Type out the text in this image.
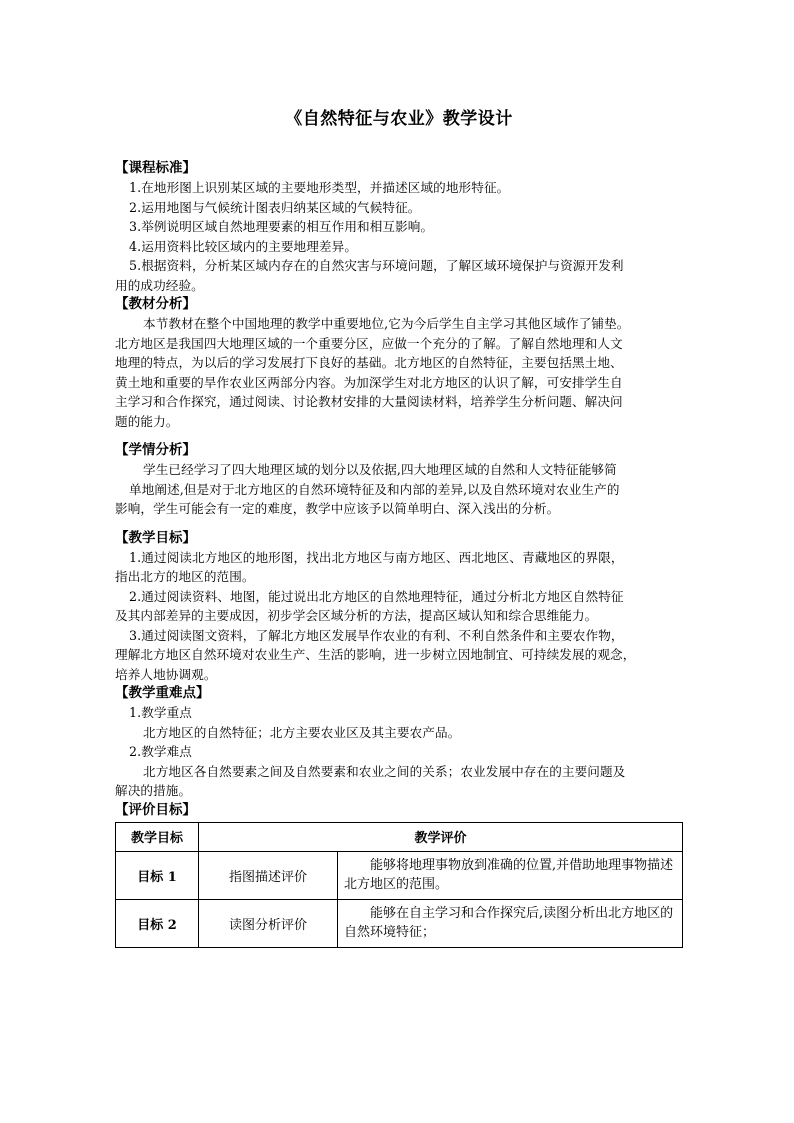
《自然特征与农业》教学设计

【课程标准】

1.在地形图上识别某区域的主要地形类型，并描述区域的地形特征。

2.运用地图与气候统计图表归纳某区域的气候特征。

3.举例说明区域自然地理要素的相互作用和相互影响。

4.运用资料比较区域内的主要地理差异。

5.根据资料，分析某区域内存在的自然灾害与环境问题，了解区域环境保护与资源开发利

用的成功经验。

【教材分析】

本节教材在整个中国地理的教学中重要地位,它为今后学生自主学习其他区域作了铺垫。

北方地区是我国四大地理区域的一个重要分区，应做一个充分的了解。了解自然地理和人文

地理的特点，为以后的学习发展打下良好的基础。北方地区的自然特征，主要包括黑土地、

黄土地和重要的旱作农业区两部分内容。为加深学生对北方地区的认识了解，可安排学生自

主学习和合作探究，通过阅读、讨论教材安排的大量阅读材料，培养学生分析问题、解决问

题的能力。

【学情分析】

学生已经学习了四大地理区域的划分以及依据,四大地理区域的自然和人文特征能够简

单地阐述,但是对于北方地区的自然环境特征及和内部的差异,以及自然环境对农业生产的

影响，学生可能会有一定的难度，教学中应该予以简单明白、深入浅出的分析。

【教学目标】

1.通过阅读北方地区的地形图，找出北方地区与南方地区、西北地区、青藏地区的界限，

指出北方的地区的范围。

2.通过阅读资料、地图，能过说出北方地区的自然地理特征，通过分析北方地区自然特征

及其内部差异的主要成因，初步学会区域分析的方法，提高区域认知和综合思维能力。

3.通过阅读图文资料，了解北方地区发展旱作农业的有利、不利自然条件和主要农作物，

理解北方地区自然环境对农业生产、生活的影响，进一步树立因地制宜、可持续发展的观念，

培养人地协调观。

【教学重难点】

1.教学重点

北方地区的自然特征；北方主要农业区及其主要农产品。

2.教学难点

北方地区各自然要素之间及自然要素和农业之间的关系；农业发展中存在的主要问题及

解决的措施。

【评价目标】

教学目标	教学评价	
目标 1	指图描述评价	能够将地理事物放到准确的位置,并借助地理事物描述北方地区的范围。
目标 2	读图分析评价	能够在自主学习和合作探究后,读图分析出北方地区的自然环境特征；
